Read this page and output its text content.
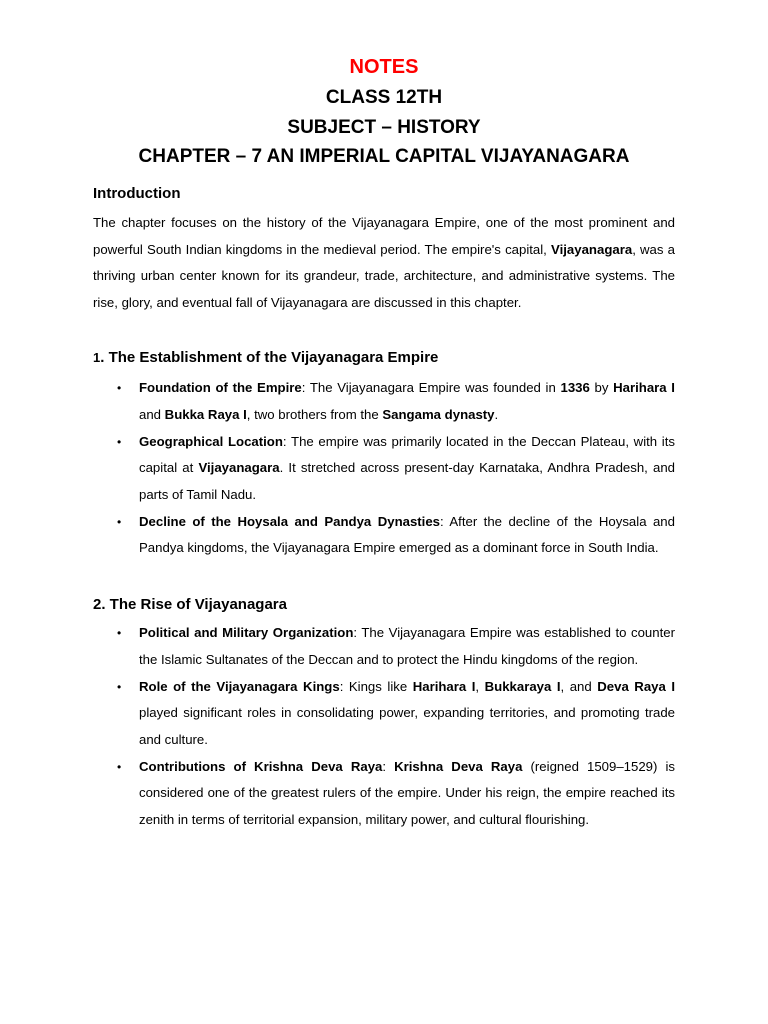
NOTES
CLASS 12TH
SUBJECT – HISTORY
CHAPTER – 7 AN IMPERIAL CAPITAL VIJAYANAGARA
Introduction

The chapter focuses on the history of the Vijayanagara Empire, one of the most prominent and powerful South Indian kingdoms in the medieval period. The empire's capital, Vijayanagara, was a thriving urban center known for its grandeur, trade, architecture, and administrative systems. The rise, glory, and eventual fall of Vijayanagara are discussed in this chapter.

1. The Establishment of the Vijayanagara Empire
• Foundation of the Empire: The Vijayanagara Empire was founded in 1336 by Harihara I and Bukka Raya I, two brothers from the Sangama dynasty.
• Geographical Location: The empire was primarily located in the Deccan Plateau, with its capital at Vijayanagara. It stretched across present-day Karnataka, Andhra Pradesh, and parts of Tamil Nadu.
• Decline of the Hoysala and Pandya Dynasties: After the decline of the Hoysala and Pandya kingdoms, the Vijayanagara Empire emerged as a dominant force in South India.
2. The Rise of Vijayanagara
• Political and Military Organization: The Vijayanagara Empire was established to counter the Islamic Sultanates of the Deccan and to protect the Hindu kingdoms of the region.
• Role of the Vijayanagara Kings: Kings like Harihara I, Bukkaraya I, and Deva Raya I played significant roles in consolidating power, expanding territories, and promoting trade and culture.
• Contributions of Krishna Deva Raya: Krishna Deva Raya (reigned 1509–1529) is considered one of the greatest rulers of the empire. Under his reign, the empire reached its zenith in terms of territorial expansion, military power, and cultural flourishing.
